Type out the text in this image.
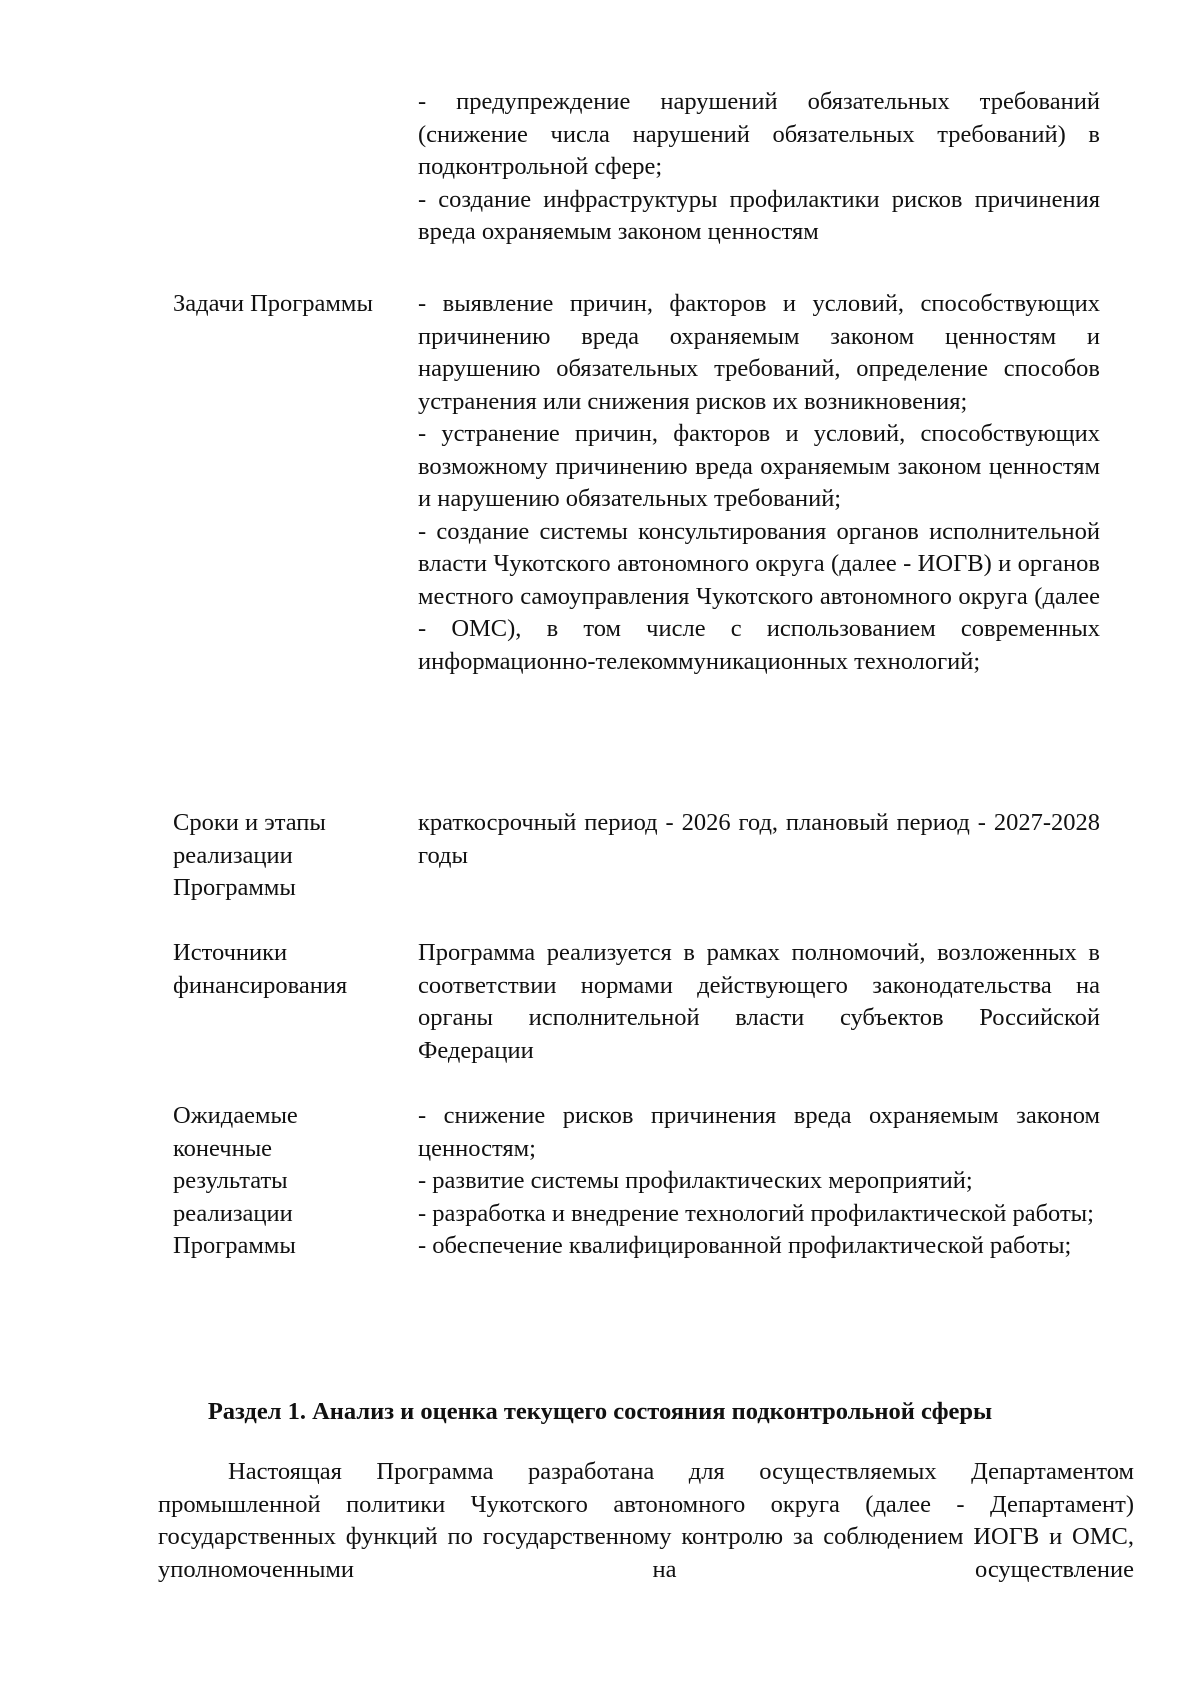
- предупреждение нарушений обязательных требований (снижение числа нарушений обязательных требований) в подконтрольной сфере;

- создание инфраструктуры профилактики рисков причинения вреда охраняемым законом ценностям

Задачи Программы	- выявление причин, факторов и условий, способствующих причинению вреда охраняемым законом ценностям и нарушению обязательных требований, определение способов устранения или снижения рисков их возникновения;

- устранение причин, факторов и условий, способствующих возможному причинению вреда охраняемым законом ценностям и нарушению обязательных требований;

- создание системы консультирования органов исполнительной власти Чукотского автономного округа (далее - ИОГВ) и органов местного самоуправления Чукотского автономного округа (далее - ОМС), в том числе с использованием современных информационно-телекоммуникационных технологий;

Сроки и этапы реализации Программы

краткосрочный период - 2026 год, плановый период - 2027-2028 годы

Источники финансирования

Программа реализуется в рамках полномочий, возложенных в соответствии нормами действующего законодательства на органы исполнительной власти субъектов Российской Федерации

Ожидаемые конечные результаты реализации Программы

- снижение рисков причинения вреда охраняемым законом ценностям;

- развитие системы профилактических мероприятий;

- разработка и внедрение технологий профилактической работы;

- обеспечение квалифицированной профилактической работы;

Раздел 1. Анализ и оценка текущего состояния подконтрольной сферы

Настоящая Программа разработана для осуществляемых Департаментом промышленной политики Чукотского автономного округа (далее - Департамент) государственных функций по государственному контролю за соблюдением ИОГВ и ОМС, уполномоченными на осуществление
